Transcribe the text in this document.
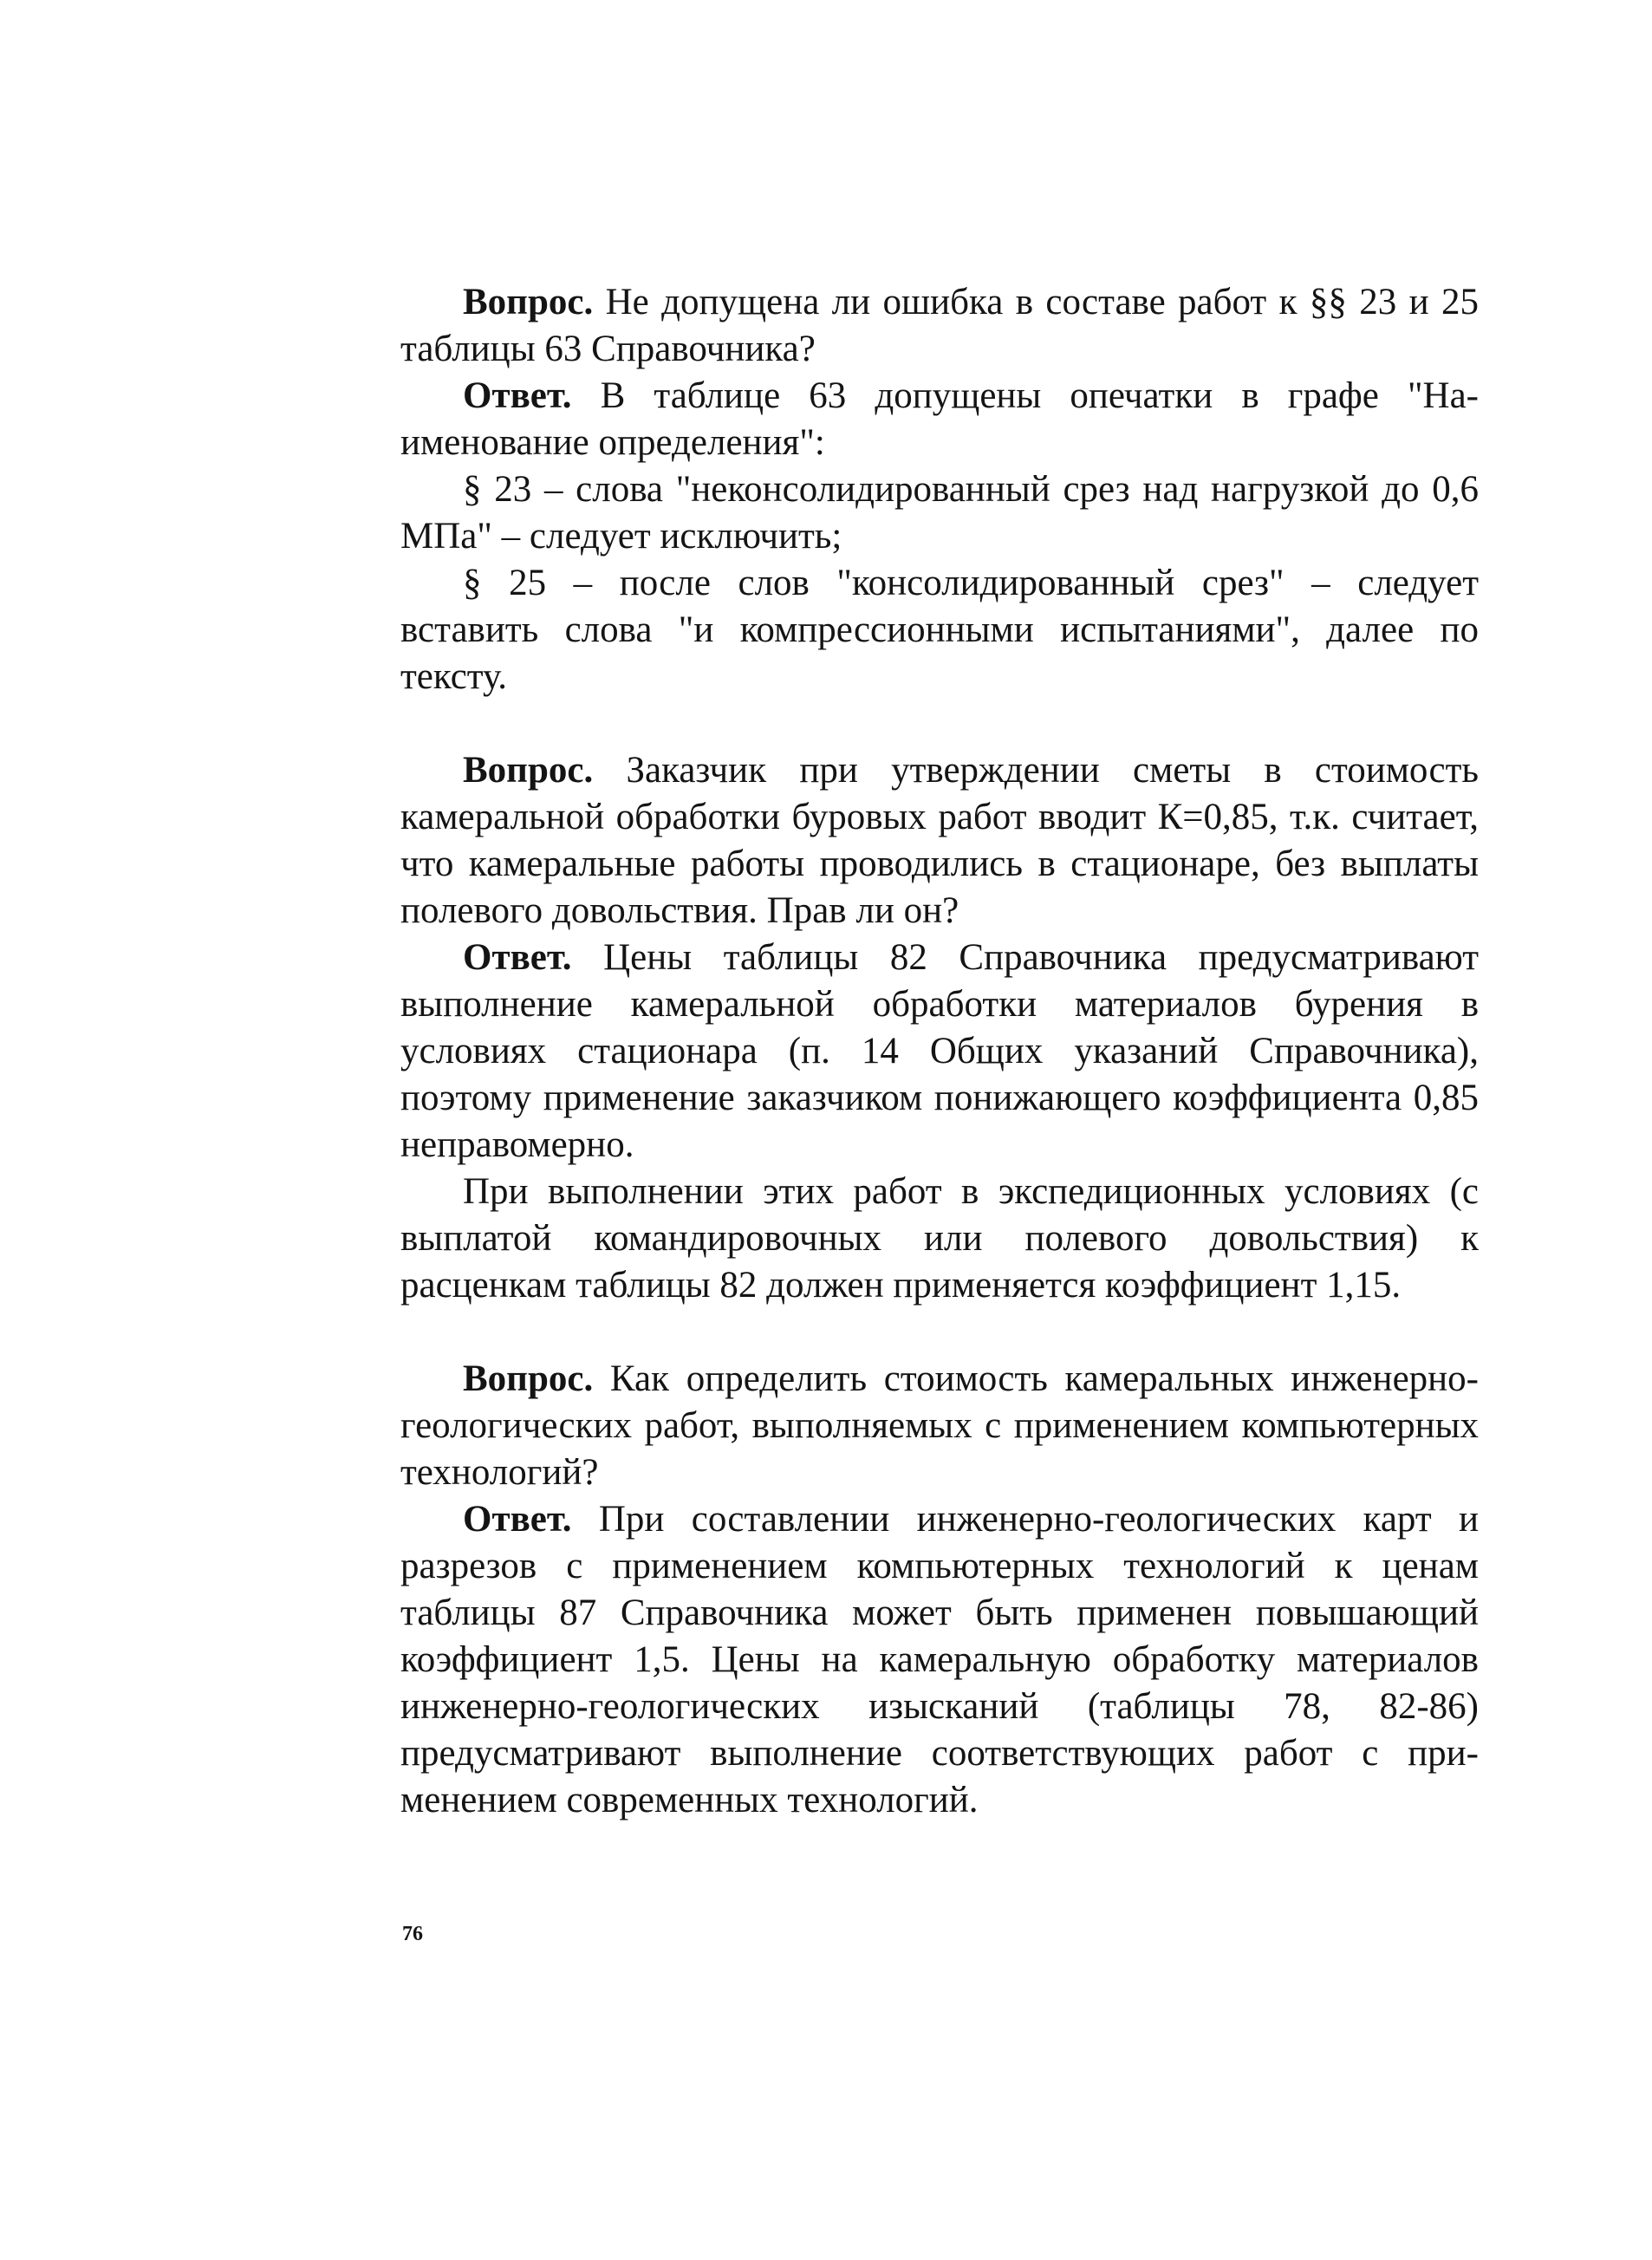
Вопрос. Не допущена ли ошибка в составе работ к §§ 23 и 25 таблицы 63 Справочника?

Ответ. В таблице 63 допущены опечатки в графе "Наименование определения":

§ 23 – слова "неконсолидированный срез над нагрузкой до 0,6 МПа" – следует исключить;

§ 25 – после слов "консолидированный срез" – следует вставить слова "и компрессионными испытаниями", далее по тексту.

Вопрос. Заказчик при утверждении сметы в стоимость камеральной обработки буровых работ вводит К=0,85, т.к. считает, что камеральные работы проводились в стационаре, без выплаты полевого довольствия. Прав ли он?

Ответ. Цены таблицы 82 Справочника предусматривают выполнение камеральной обработки материалов бурения в условиях стационара (п. 14 Общих указаний Справочника), поэтому применение заказчиком понижающего коэффициента 0,85 неправомерно.

При выполнении этих работ в экспедиционных условиях (с выплатой командировочных или полевого довольствия) к расценкам таблицы 82 должен применяется коэффициент 1,15.

Вопрос. Как определить стоимость камеральных инженерно-геологических работ, выполняемых с применением компьютерных технологий?

Ответ. При составлении инженерно-геологических карт и разрезов с применением компьютерных технологий к ценам таблицы 87 Справочника может быть применен повышающий коэффициент 1,5. Цены на камеральную обработку материалов инженерно-геологических изысканий (таблицы 78, 82-86) предусматривают выполнение соответствующих работ с применением современных технологий.

76
